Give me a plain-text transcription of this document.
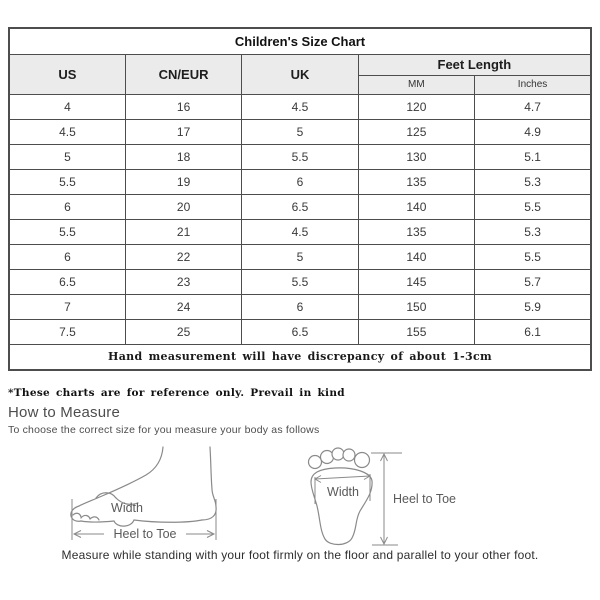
Children's Size Chart				
US	CN/EUR	UK	Feet Length	
			MM	Inches
4	16	4.5	120	4.7
4.5	17	5	125	4.9
5	18	5.5	130	5.1
5.5	19	6	135	5.3
6	20	6.5	140	5.5
5.5	21	4.5	135	5.3
6	22	5	140	5.5
6.5	23	5.5	145	5.7
7	24	6	150	5.9
7.5	25	6.5	155	6.1
Hand measurement will have discrepancy of about 1-3cm				

*These charts are for reference only. Prevail in kind

How to Measure

To choose the correct size for you measure your body as follows

Width
Heel to Toe
Width	Heel to Toe

Measure while standing with your foot firmly on the floor and parallel to your other foot.
